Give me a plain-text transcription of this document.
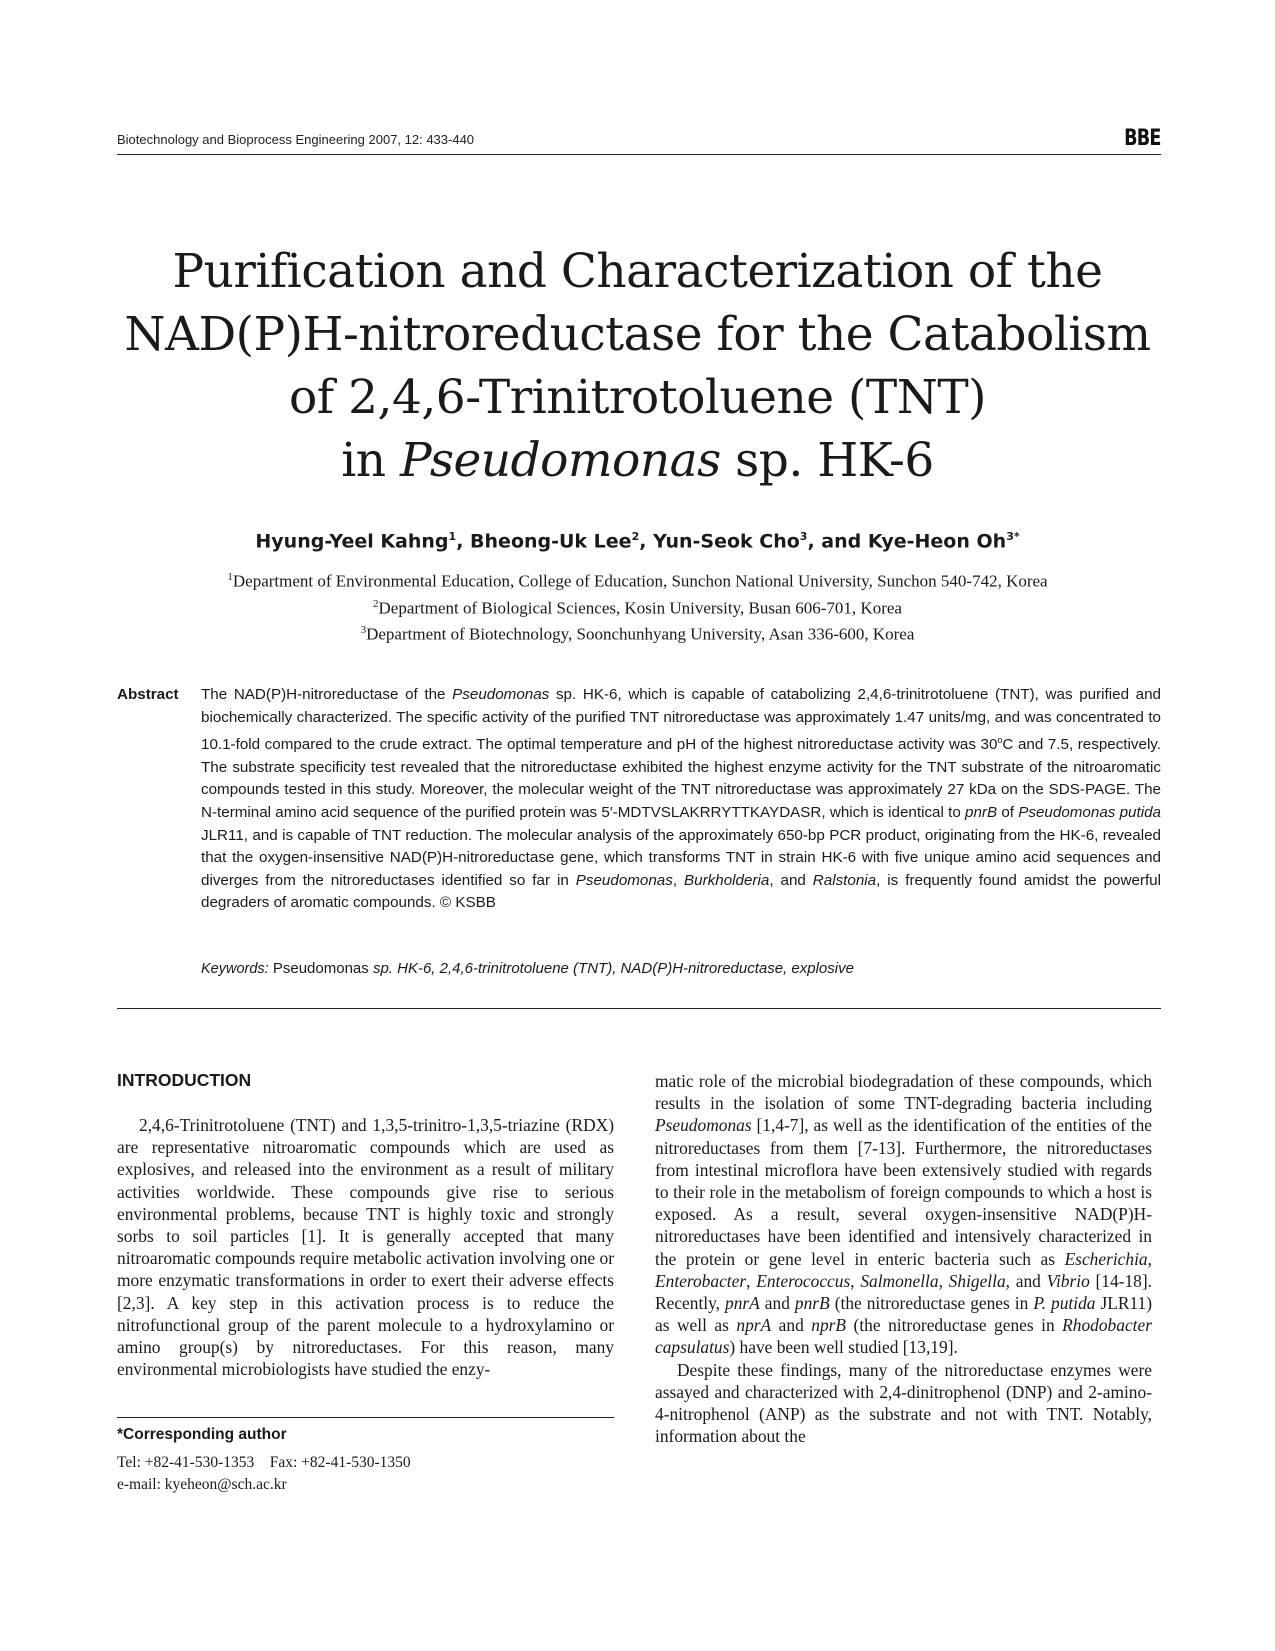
Biotechnology and Bioprocess Engineering 2007, 12: 433-440	BBE
Purification and Characterization of the
NAD(P)H-nitroreductase for the Catabolism
of 2,4,6-Trinitrotoluene (TNT)
in Pseudomonas sp. HK-6
Hyung-Yeel Kahng$^1$, Bheong-Uk Lee$^2$, Yun-Seok Cho$^3$, and Kye-Heon $Oh^{3*}$
$^1$Department of Environmental Education, College of Education, Sunchon National University, Sunchon 540-742, Korea
$^2$Department of Biological Sciences, Kosin University, Busan 606-701, Korea
$^3$Department of Biotechnology, Soonchunhyang University, Asan 336-600, Korea
Abstract The NAD(P)H-nitroreductase of the Pseudomonas sp. HK-6, which is capable of catabolizing 2,4,6-trinitrotoluene (TNT), was purified and biochemically characterized. The specific activity of the purified TNT nitroreductase was approximately 1.47 units/mg, and was concentrated to 10.1-fold compared to the crude extract. The optimal temperature and pH of the highest nitroreductase activity was 30$^o$C and 7.5, respectively. The substrate specificity test revealed that the nitroreductase exhibited the highest enzyme activity for the TNT substrate of the nitroaromatic compounds tested in this study. Moreover, the molecular weight of the TNT nitroreductase was approximately 27 kDa on the SDS-PAGE. The N-terminal amino acid sequence of the purified protein was 5′-MDTVSLAKRRYTTKAYDASR, which is identical to pnrB of Pseudomonas putida JLR11, and is capable of TNT reduction. The molecular analysis of the approximately 650-bp PCR product, originating from the HK-6, revealed that the oxygen-insensitive NAD(P)H-nitroreductase gene, which transforms TNT in strain HK-6 with five unique amino acid sequences and diverges from the nitroreductases identified so far in Pseudomonas, Burkholderia, and Ralstonia, is frequently found amidst the powerful degraders of aromatic compounds. © KSBB
Keywords: Pseudomonas sp. HK-6, 2,4,6-trinitrotoluene (TNT), NAD(P)H-nitroreductase, explosive
INTRODUCTION

2,4,6-Trinitrotoluene (TNT) and 1,3,5-trinitro-1,3,5-triazine (RDX) are representative nitroaromatic compounds which are used as explosives, and released into the environment as a result of military activities worldwide. These compounds give rise to serious environmental problems, because TNT is highly toxic and strongly sorbs to soil particles [1]. It is generally accepted that many nitroaromatic compounds require metabolic activation involving one or more enzymatic transformations in order to exert their adverse effects [2,3]. A key step in this activation process is to reduce the nitrofunctional group of the parent molecule to a hydroxylamino or amino group(s) by nitroreductases. For this reason, many environmental microbiologists have studied the enzy-

matic role of the microbial biodegradation of these compounds, which results in the isolation of some TNT-degrading bacteria including Pseudomonas [1,4-7], as well as the identification of the entities of the nitroreductases from them [7-13]. Furthermore, the nitroreductases from intestinal microflora have been extensively studied with regards to their role in the metabolism of foreign compounds to which a host is exposed. As a result, several oxygen-insensitive NAD(P)H-nitroreductases have been identified and intensively characterized in the protein or gene level in enteric bacteria such as Escherichia, Enterobacter, Enterococcus, Salmonella, Shigella, and Vibrio [14-18]. Recently, pnrA and pnrB (the nitroreductase genes in P. putida JLR11) as well as nprA and nprB (the nitroreductase genes in Rhodobacter capsulatus) have been well studied [13,19].

Despite these findings, many of the nitroreductase enzymes were assayed and characterized with 2,4-dinitrophenol (DNP) and 2-amino-4-nitrophenol (ANP) as the substrate and not with TNT. Notably, information about the

*Corresponding author
Tel: +82-41-530-1353    Fax: +82-41-530-1350
e-mail: kyeheon@sch.ac.kr
